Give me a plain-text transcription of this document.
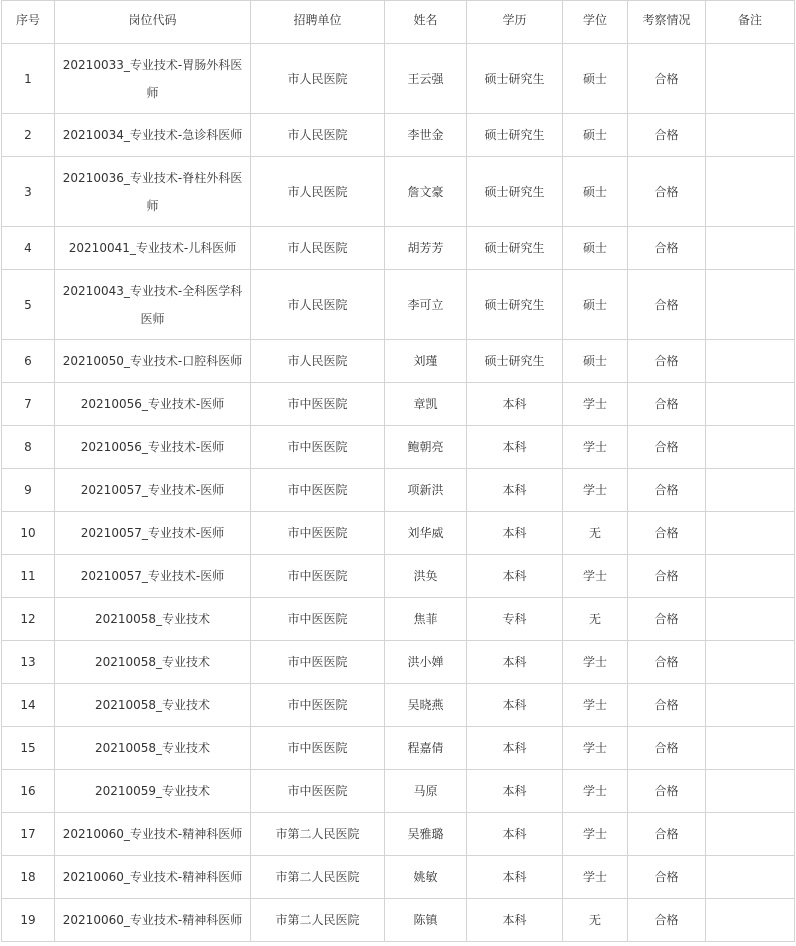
序号	岗位代码	招聘单位	姓名	学历	学位	考察情况	备注
1	20210033_专业技术-胃肠外科医师	市人民医院	王云强	硕士研究生	硕士	合格	
2	20210034_专业技术-急诊科医师	市人民医院	李世金	硕士研究生	硕士	合格	
3	20210036_专业技术-脊柱外科医师	市人民医院	詹文豪	硕士研究生	硕士	合格	
4	20210041_专业技术-儿科医师	市人民医院	胡芳芳	硕士研究生	硕士	合格	
5	20210043_专业技术-全科医学科医师	市人民医院	李可立	硕士研究生	硕士	合格	
6	20210050_专业技术-口腔科医师	市人民医院	刘瑾	硕士研究生	硕士	合格	
7	20210056_专业技术-医师	市中医医院	章凯	本科	学士	合格	
8	20210056_专业技术-医师	市中医医院	鲍朝亮	本科	学士	合格	
9	20210057_专业技术-医师	市中医医院	项新洪	本科	学士	合格	
10	20210057_专业技术-医师	市中医医院	刘华威	本科	无	合格	
11	20210057_专业技术-医师	市中医医院	洪奂	本科	学士	合格	
12	20210058_专业技术	市中医医院	焦菲	专科	无	合格	
13	20210058_专业技术	市中医医院	洪小婵	本科	学士	合格	
14	20210058_专业技术	市中医医院	吴晓燕	本科	学士	合格	
15	20210058_专业技术	市中医医院	程嘉倩	本科	学士	合格	
16	20210059_专业技术	市中医医院	马原	本科	学士	合格	
17	20210060_专业技术-精神科医师	市第二人民医院	吴雅璐	本科	学士	合格	
18	20210060_专业技术-精神科医师	市第二人民医院	姚敏	本科	学士	合格	
19	20210060_专业技术-精神科医师	市第二人民医院	陈镇	本科	无	合格	
